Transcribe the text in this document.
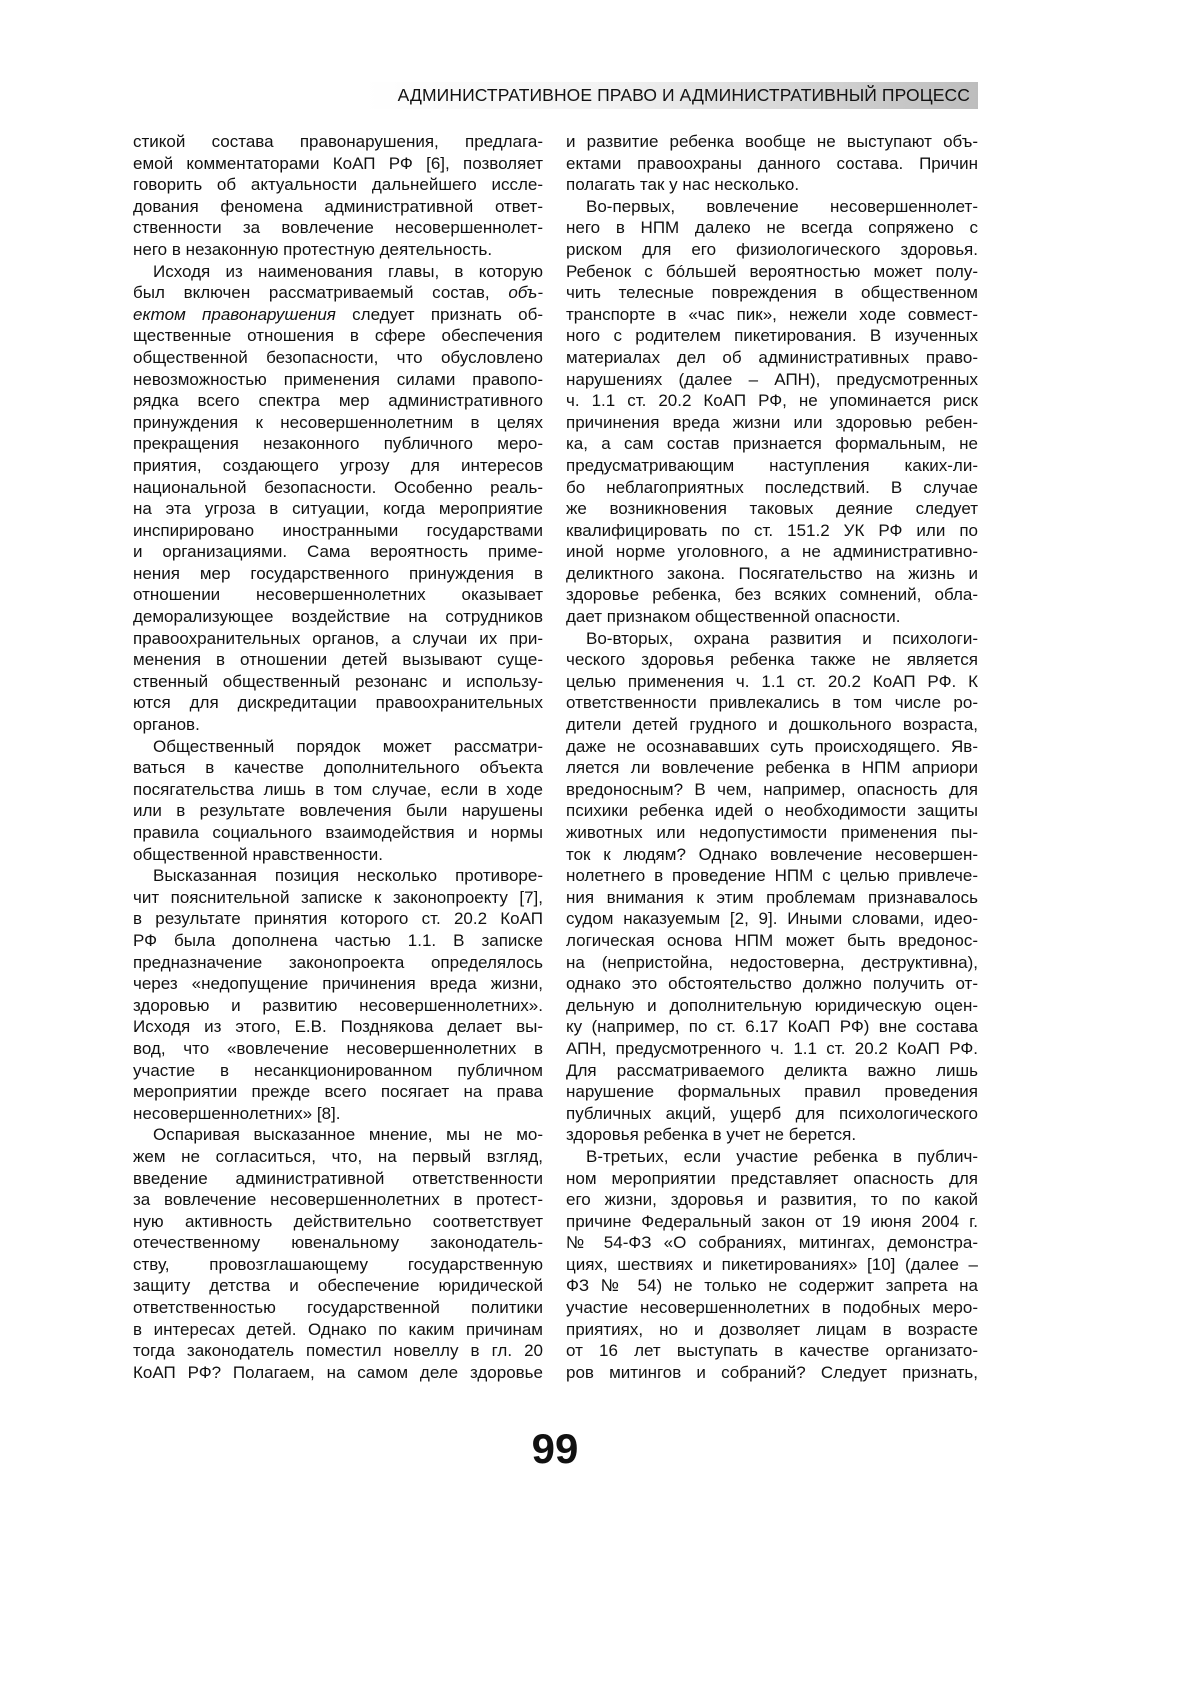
АДМИНИСТРАТИВНОЕ ПРАВО И АДМИНИСТРАТИВНЫЙ ПРОЦЕСС
стикой состава правонарушения, предлага-
емой комментаторами КоАП РФ [6], позволяет
говорить об актуальности дальнейшего иссле-
дования феномена административной ответ-
ственности за вовлечение несовершеннолет-
него в незаконную протестную деятельность.
Исходя из наименования главы, в которую
был включен рассматриваемый состав, объ-
ектом правонарушения следует признать об-
щественные отношения в сфере обеспечения
общественной безопасности, что обусловлено
невозможностью применения силами правопо-
рядка всего спектра мер административного
принуждения к несовершеннолетним в целях
прекращения незаконного публичного меро-
приятия, создающего угрозу для интересов
национальной безопасности. Особенно реаль-
на эта угроза в ситуации, когда мероприятие
инспирировано иностранными государствами
и организациями. Сама вероятность приме-
нения мер государственного принуждения в
отношении несовершеннолетних оказывает
деморализующее воздействие на сотрудников
правоохранительных органов, а случаи их при-
менения в отношении детей вызывают суще-
ственный общественный резонанс и использу-
ются для дискредитации правоохранительных
органов.
Общественный порядок может рассматри-
ваться в качестве дополнительного объекта
посягательства лишь в том случае, если в ходе
или в результате вовлечения были нарушены
правила социального взаимодействия и нормы
общественной нравственности.
Высказанная позиция несколько противоре-
чит пояснительной записке к законопроекту [7],
в результате принятия которого ст. 20.2 КоАП
РФ была дополнена частью 1.1. В записке
предназначение законопроекта определялось
через «недопущение причинения вреда жизни,
здоровью и развитию несовершеннолетних».
Исходя из этого, Е.В. Позднякова делает вы-
вод, что «вовлечение несовершеннолетних в
участие в несанкционированном публичном
мероприятии прежде всего посягает на права
несовершеннолетних» [8].
Оспаривая высказанное мнение, мы не мо-
жем не согласиться, что, на первый взгляд,
введение административной ответственности
за вовлечение несовершеннолетних в протест-
ную активность действительно соответствует
отечественному ювенальному законодатель-
ству, провозглашающему государственную
защиту детства и обеспечение юридической
ответственностью государственной политики
в интересах детей. Однако по каким причинам
тогда законодатель поместил новеллу в гл. 20
КоАП РФ? Полагаем, на самом деле здоровье
и развитие ребенка вообще не выступают объ-
ектами правоохраны данного состава. Причин
полагать так у нас несколько.
Во-первых, вовлечение несовершеннолет-
него в НПМ далеко не всегда сопряжено с
риском для его физиологического здоровья.
Ребенок с бóльшей вероятностью может полу-
чить телесные повреждения в общественном
транспорте в «час пик», нежели ходе совмест-
ного с родителем пикетирования. В изученных
материалах дел об административных право-
нарушениях (далее – АПН), предусмотренных
ч. 1.1 ст. 20.2 КоАП РФ, не упоминается риск
причинения вреда жизни или здоровью ребен-
ка, а сам состав признается формальным, не
предусматривающим наступления каких-ли-
бо неблагоприятных последствий. В случае
же возникновения таковых деяние следует
квалифицировать по ст. 151.2 УК РФ или по
иной норме уголовного, а не административно-
деликтного закона. Посягательство на жизнь и
здоровье ребенка, без всяких сомнений, обла-
дает признаком общественной опасности.
Во-вторых, охрана развития и психологи-
ческого здоровья ребенка также не является
целью применения ч. 1.1 ст. 20.2 КоАП РФ. К
ответственности привлекались в том числе ро-
дители детей грудного и дошкольного возраста,
даже не осознававших суть происходящего. Яв-
ляется ли вовлечение ребенка в НПМ априори
вредоносным? В чем, например, опасность для
психики ребенка идей о необходимости защиты
животных или недопустимости применения пы-
ток к людям? Однако вовлечение несовершен-
нолетнего в проведение НПМ с целью привлече-
ния внимания к этим проблемам признавалось
судом наказуемым [2, 9]. Иными словами, идео-
логическая основа НПМ может быть вредонос-
на (непристойна, недостоверна, деструктивна),
однако это обстоятельство должно получить от-
дельную и дополнительную юридическую оцен-
ку (например, по ст. 6.17 КоАП РФ) вне состава
АПН, предусмотренного ч. 1.1 ст. 20.2 КоАП РФ.
Для рассматриваемого деликта важно лишь
нарушение формальных правил проведения
публичных акций, ущерб для психологического
здоровья ребенка в учет не берется.
В-третьих, если участие ребенка в публич-
ном мероприятии представляет опасность для
его жизни, здоровья и развития, то по какой
причине Федеральный закон от 19 июня 2004 г.
№ 54-ФЗ «О собраниях, митингах, демонстра-
циях, шествиях и пикетированиях» [10] (далее –
ФЗ № 54) не только не содержит запрета на
участие несовершеннолетних в подобных меро-
приятиях, но и дозволяет лицам в возрасте
от 16 лет выступать в качестве организато-
ров митингов и собраний? Следует признать,
99
